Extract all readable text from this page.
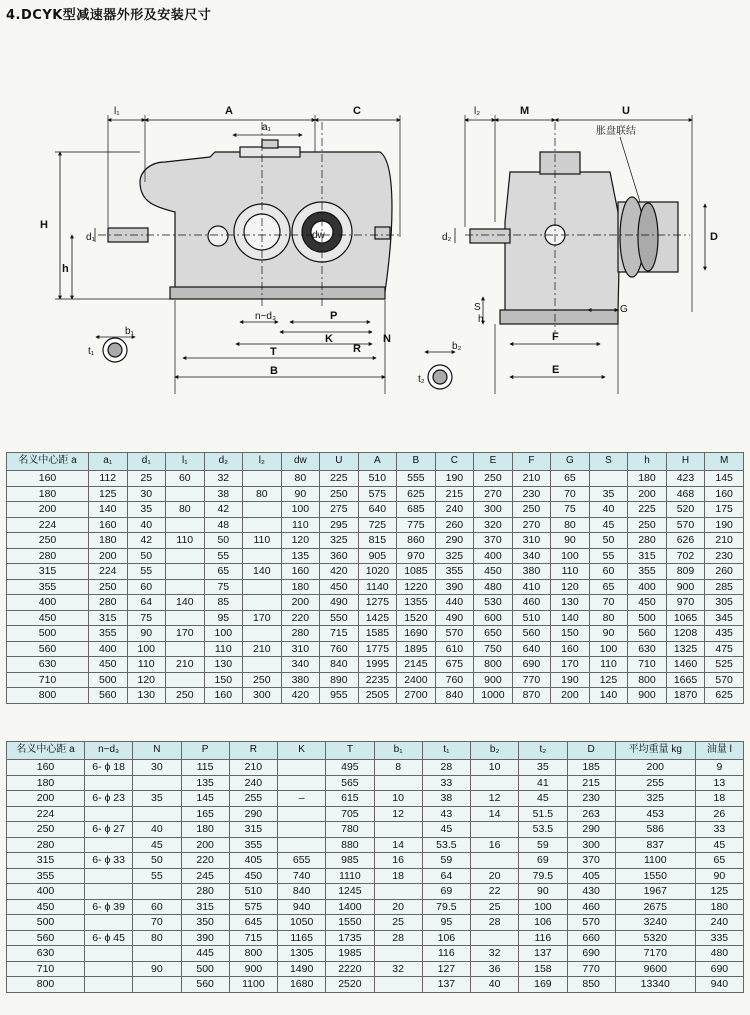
4.DCYK型减速器外形及安装尺寸
l₁	A	C
a₁
H
h
d₁	dw
n−d₃	P
K
R
N
T
B
b₁
t₁
l₂	M	U
胀盘联结
d₂	D
S	G
F
E
b₂
t₂
h
名义中心距 a	a₁	d₁	l₁	d₂	l₂	dw	U	A	B	C	E	F	G	S	h	H	M
160	112	25	60	32		80	225	510	555	190	250	210	65		180	423	145
180	125	30		38	80	90	250	575	625	215	270	230	70	35	200	468	160
200	140	35	80	42		100	275	640	685	240	300	250	75	40	225	520	175
224	160	40		48		110	295	725	775	260	320	270	80	45	250	570	190
250	180	42	110	50	110	120	325	815	860	290	370	310	90	50	280	626	210
280	200	50		55		135	360	905	970	325	400	340	100	55	315	702	230
315	224	55		65	140	160	420	1020	1085	355	450	380	110	60	355	809	260
355	250	60		75		180	450	1140	1220	390	480	410	120	65	400	900	285
400	280	64	140	85		200	490	1275	1355	440	530	460	130	70	450	970	305
450	315	75		95	170	220	550	1425	1520	490	600	510	140	80	500	1065	345
500	355	90	170	100		280	715	1585	1690	570	650	560	150	90	560	1208	435
560	400	100		110	210	310	760	1775	1895	610	750	640	160	100	630	1325	475
630	450	110	210	130		340	840	1995	2145	675	800	690	170	110	710	1460	525
710	500	120		150	250	380	890	2235	2400	760	900	770	190	125	800	1665	570
800	560	130	250	160	300	420	955	2505	2700	840	1000	870	200	140	900	1870	625
名义中心距 a	n−d₃	N	P	R	K	T	b₁	t₁	b₂	t₂	D	平均重量 kg	油量 l
160	6- ϕ 18	30	115	210		495	8	28	10	35	185	200	9
180			135	240		565		33		41	215	255	13
200	6- ϕ 23	35	145	255	–	615	10	38	12	45	230	325	18
224			165	290		705	12	43	14	51.5	263	453	26
250	6- ϕ 27	40	180	315		780		45		53.5	290	586	33
280		45	200	355		880	14	53.5	16	59	300	837	45
315	6- ϕ 33	50	220	405	655	985	16	59		69	370	1100	65
355		55	245	450	740	1110	18	64	20	79.5	405	1550	90
400			280	510	840	1245		69	22	90	430	1967	125
450	6- ϕ 39	60	315	575	940	1400	20	79.5	25	100	460	2675	180
500		70	350	645	1050	1550	25	95	28	106	570	3240	240
560	6- ϕ 45	80	390	715	1165	1735	28	106		116	660	5320	335
630			445	800	1305	1985		116	32	137	690	7170	480
710		90	500	900	1490	2220	32	127	36	158	770	9600	690
800			560	1100	1680	2520		137	40	169	850	13340	940
